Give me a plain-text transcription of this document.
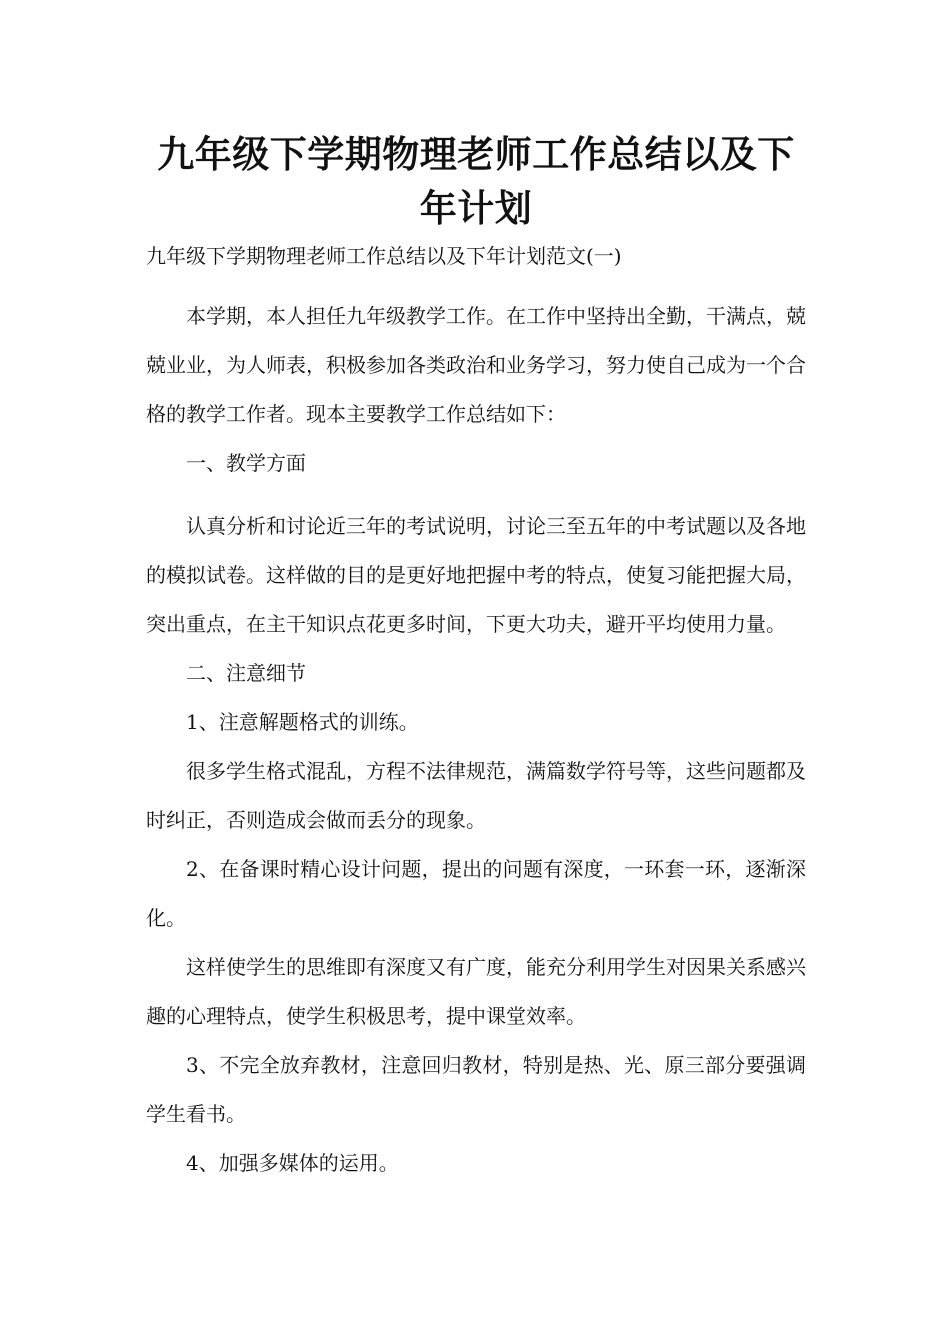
九年级下学期物理老师工作总结以及下年计划

九年级下学期物理老师工作总结以及下年计划范文(一)

本学期，本人担任九年级教学工作。在工作中坚持出全勤，干满点，兢兢业业，为人师表，积极参加各类政治和业务学习，努力使自己成为一个合格的教学工作者。现本主要教学工作总结如下：

一、教学方面

认真分析和讨论近三年的考试说明，讨论三至五年的中考试题以及各地的模拟试卷。这样做的目的是更好地把握中考的特点，使复习能把握大局，突出重点，在主干知识点花更多时间，下更大功夫，避开平均使用力量。

二、注意细节

1、注意解题格式的训练。

很多学生格式混乱，方程不法律规范，满篇数学符号等，这些问题都及时纠正，否则造成会做而丢分的现象。

2、在备课时精心设计问题，提出的问题有深度，一环套一环，逐渐深化。

这样使学生的思维即有深度又有广度，能充分利用学生对因果关系感兴趣的心理特点，使学生积极思考，提中课堂效率。

3、不完全放弃教材，注意回归教材，特别是热、光、原三部分要强调学生看书。

4、加强多媒体的运用。
